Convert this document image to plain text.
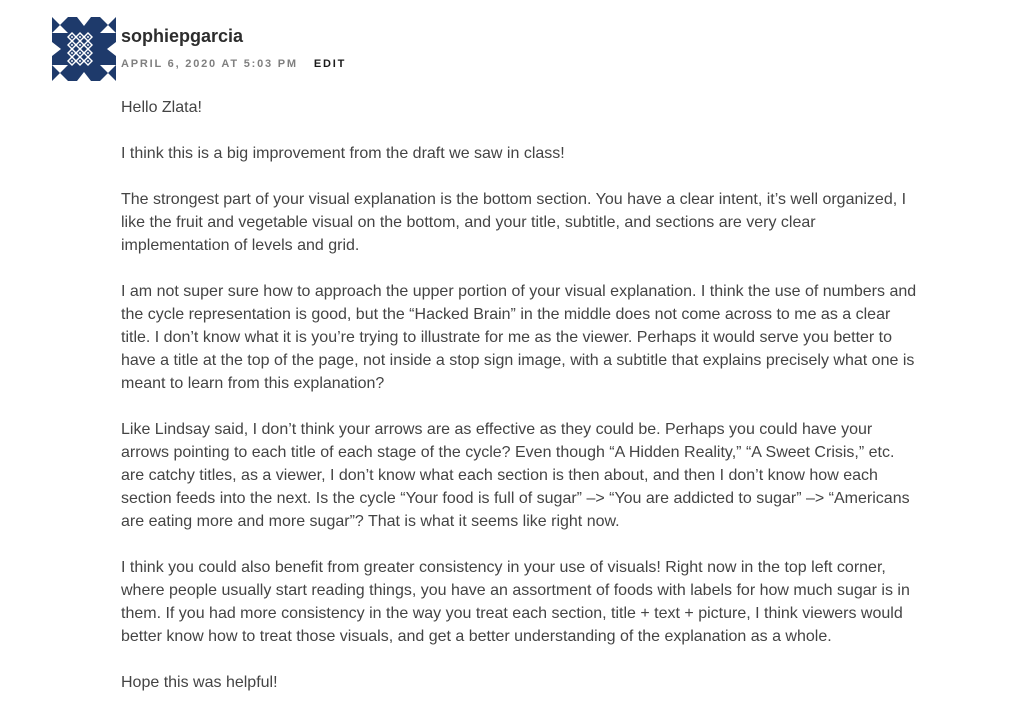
sophiepgarcia
APRIL 6, 2020 AT 5:03 PM EDIT

Hello Zlata!

I think this is a big improvement from the draft we saw in class!

The strongest part of your visual explanation is the bottom section. You have a clear intent, it’s well organized, I like the fruit and vegetable visual on the bottom, and your title, subtitle, and sections are very clear implementation of levels and grid.

I am not super sure how to approach the upper portion of your visual explanation. I think the use of numbers and the cycle representation is good, but the “Hacked Brain” in the middle does not come across to me as a clear title. I don’t know what it is you’re trying to illustrate for me as the viewer. Perhaps it would serve you better to have a title at the top of the page, not inside a stop sign image, with a subtitle that explains precisely what one is meant to learn from this explanation?

Like Lindsay said, I don’t think your arrows are as effective as they could be. Perhaps you could have your arrows pointing to each title of each stage of the cycle? Even though “A Hidden Reality,” “A Sweet Crisis,” etc. are catchy titles, as a viewer, I don’t know what each section is then about, and then I don’t know how each section feeds into the next. Is the cycle “Your food is full of sugar” –> “You are addicted to sugar” –> “Americans are eating more and more sugar”? That is what it seems like right now.

I think you could also benefit from greater consistency in your use of visuals! Right now in the top left corner, where people usually start reading things, you have an assortment of foods with labels for how much sugar is in them. If you had more consistency in the way you treat each section, title + text + picture, I think viewers would better know how to treat those visuals, and get a better understanding of the explanation as a whole.

Hope this was helpful!
